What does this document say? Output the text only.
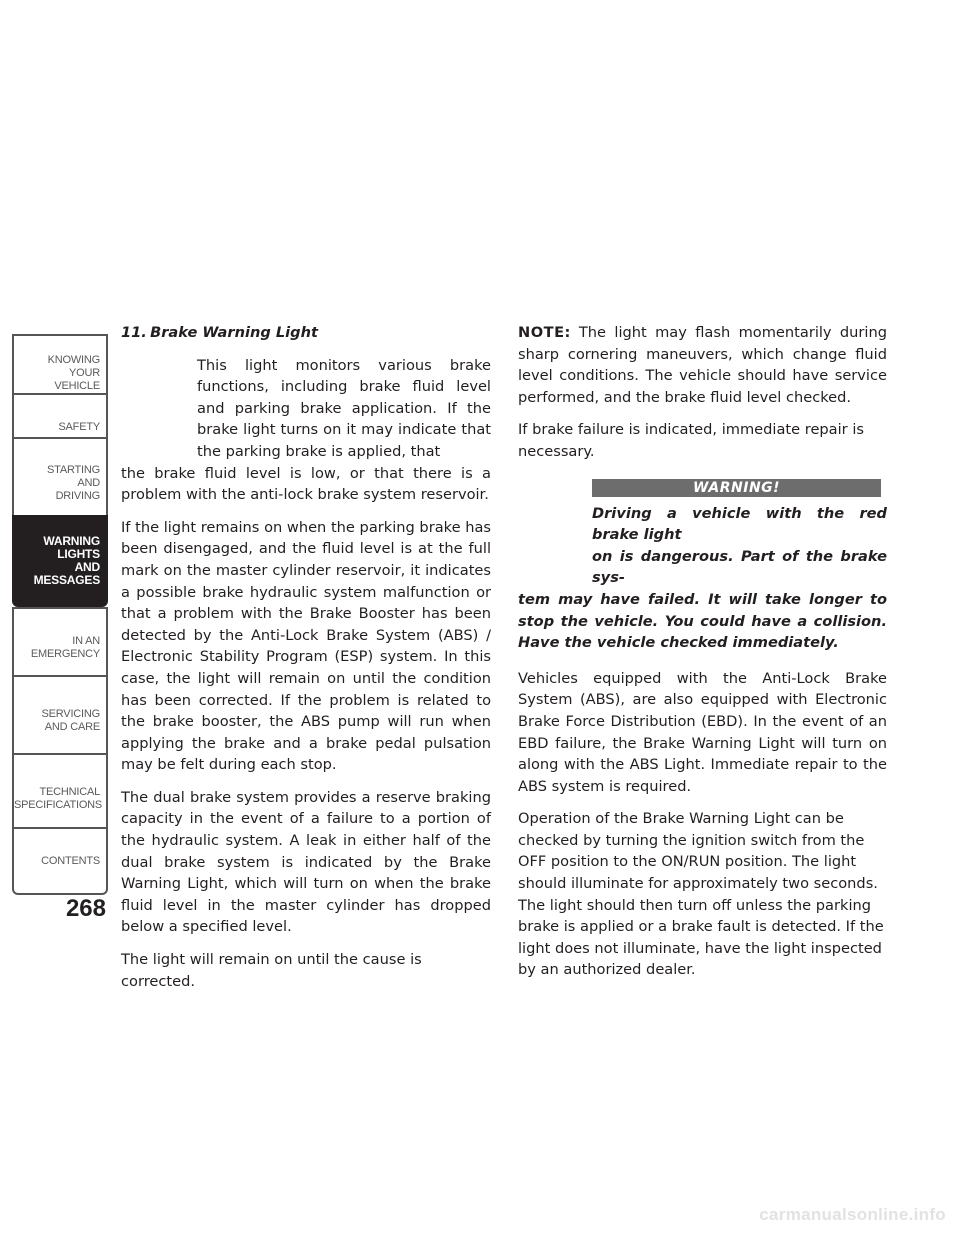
KNOWING
YOUR
VEHICLE
SAFETY
STARTING
AND
DRIVING
WARNING
LIGHTS
AND
MESSAGES
IN AN
EMERGENCY
SERVICING
AND CARE
TECHNICAL
SPECIFICATIONS
CONTENTS
268

11. Brake Warning Light

This light monitors various brake functions, including brake fluid level and parking brake application. If the brake light turns on it may indicate that the parking brake is applied, that

the brake fluid level is low, or that there is a problem with the anti-lock brake system reservoir.

If the light remains on when the parking brake has been disengaged, and the fluid level is at the full mark on the master cylinder reservoir, it indicates a possible brake hydraulic system malfunction or that a problem with the Brake Booster has been detected by the Anti-Lock Brake System (ABS) / Electronic Stability Program (ESP) system. In this case, the light will remain on until the condition has been corrected. If the problem is related to the brake booster, the ABS pump will run when applying the brake and a brake pedal pulsation may be felt during each stop.

The dual brake system provides a reserve braking capacity in the event of a failure to a portion of the hydraulic system. A leak in either half of the dual brake system is indicated by the Brake Warning Light, which will turn on when the brake fluid level in the master cylinder has dropped below a specified level.

The light will remain on until the cause is corrected.

NOTE: The light may flash momentarily during sharp cornering maneuvers, which change fluid level conditions. The vehicle should have service performed, and the brake fluid level checked.

If brake failure is indicated, immediate repair is necessary.

WARNING!
Driving a vehicle with the red brake light
on is dangerous. Part of the brake sys-
tem may have failed. It will take longer to stop the vehicle. You could have a collision. Have the vehicle checked immediately.

Vehicles equipped with the Anti-Lock Brake System (ABS), are also equipped with Electronic Brake Force Distribution (EBD). In the event of an EBD failure, the Brake Warning Light will turn on along with the ABS Light. Immediate repair to the ABS system is required.

Operation of the Brake Warning Light can be checked by turning the ignition switch from the OFF position to the ON/RUN position. The light should illuminate for approximately two seconds. The light should then turn off unless the parking brake is applied or a brake fault is detected. If the light does not illuminate, have the light inspected by an authorized dealer.

carmanualsonline.info
